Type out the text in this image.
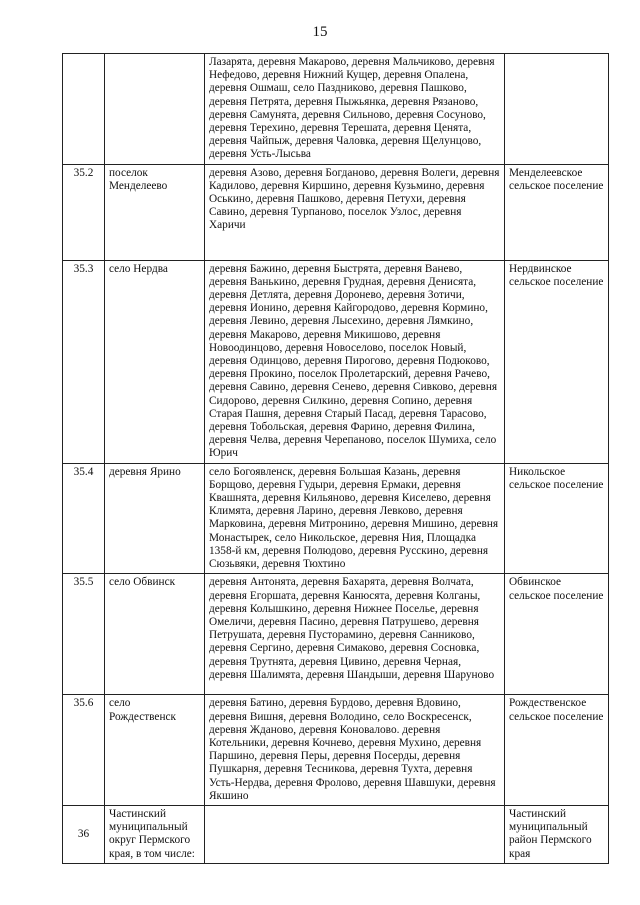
15
		Лазарята, деревня Макарово, деревня Мальчиково, деревня Нефедово, деревня Нижний Кущер, деревня Опалена, деревня Ошмаш, село Паздниково, деревня Пашково, деревня Петрята, деревня Пыжьянка, деревня Рязаново, деревня Самунята, деревня Сильново, деревня Сосуново, деревня Терехино, деревня Терешата, деревня Ценята, деревня Чайпыж, деревня Чаловка, деревня Щелунцово, деревня Усть-Лысьва	
35.2	поселок Менделеево	деревня Азово, деревня Богданово, деревня Волеги, деревня Кадилово, деревня Киршино, деревня Кузьмино, деревня Оськино, деревня Пашково, деревня Петухи, деревня Савино, деревня Турпаново, поселок Узлос, деревня Харичи	Менделеевское сельское поселение
35.3	село Нердва	деревня Бажино, деревня Быстрята, деревня Ванево, деревня Ванькино, деревня Грудная, деревня Денисята, деревня Детлята, деревня Дороневo, деревня Зотичи, деревня Ионино, деревня Кайгородово, деревня Кормино, деревня Левино, деревня Лысехино, деревня Лямкино, деревня Макарово, деревня Микишово, деревня Новоодинцово, деревня Новоселово, поселок Новый, деревня Одинцово, деревня Пирогово, деревня Подюково, деревня Прокино, поселок Пролетарский, деревня Рачево, деревня Савино, деревня Сенево, деревня Сивково, деревня Сидорово, деревня Силкино, деревня Сопино, деревня Старая Пашня, деревня Старый Пасад, деревня Тарасово, деревня Тобольская, деревня Фарино, деревня Филина, деревня Челва, деревня Черепаново, поселок Шумиха, село Юрич	Нердвинское сельское поселение
35.4	деревня Ярино	село Богоявленск, деревня Большая Казань, деревня Борщово, деревня Гудыри, деревня Ермаки, деревня Квашнята, деревня Кильяново, деревня Киселево, деревня Климята, деревня Ларино, деревня Левково, деревня Марковина, деревня Митронино, деревня Мишино, деревня Монастырек, село Никольское, деревня Ния, Площадка 1358-й км, деревня Полюдово, деревня Русскино, деревня Сюзьвяки, деревня Тюхтино	Никольское сельское поселение
35.5	село Обвинск	деревня Антонята, деревня Бахарята, деревня Волчата, деревня Егоршата, деревня Канюсята, деревня Колганы, деревня Колышкино, деревня Нижнее Поселье, деревня Омеличи, деревня Пасино, деревня Патрушево, деревня Петрушата, деревня Пустoрамино, деревня Санниково, деревня Сергино, деревня Симаково, деревня Сосновка, деревня Трутнята, деревня Цивино, деревня Черная, деревня Шалимята, деревня Шандыши, деревня Шаруново	Обвинское сельское поселение
35.6	село Рождественск	деревня Батино, деревня Бурдово, деревня Вдовино, деревня Вишня, деревня Володино, село Воскресенск, деревня Жданово, деревня Коноваловo. деревня Котельники, деревня Кочнево, деревня Мухино, деревня Паршино, деревня Перы, деревня Посерды, деревня Пушкарня, деревня Тесникова, деревня Тухта, деревня Усть-Нердва, деревня Фролово, деревня Шавшуки, деревня Якшино	Рождественское сельское поселение
36	Частинский муниципальный округ Пермского края, в том числе:		Частинский муниципальный район Пермского края
